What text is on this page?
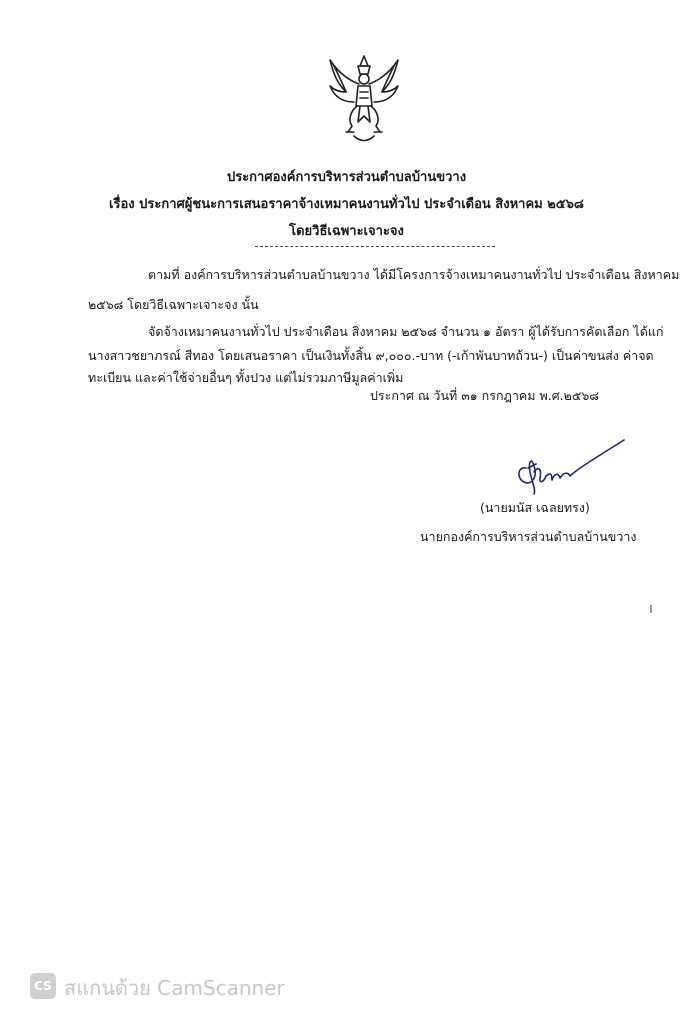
ประกาศองค์การบริหารส่วนตำบลบ้านขวาง
เรื่อง ประกาศผู้ชนะการเสนอราคาจ้างเหมาคนงานทั่วไป ประจำเดือน สิงหาคม ๒๕๖๘
โดยวิธีเฉพาะเจาะจง
ตามที่ องค์การบริหารส่วนตำบลบ้านขวาง ได้มีโครงการจ้างเหมาคนงานทั่วไป ประจำเดือน สิงหาคม
๒๕๖๘ โดยวิธีเฉพาะเจาะจง นั้น
จัดจ้างเหมาคนงานทั่วไป ประจำเดือน สิงหาคม ๒๕๖๘ จำนวน ๑ อัตรา ผู้ได้รับการคัดเลือก ได้แก่
นางสาวชยาภรณ์ สีทอง โดยเสนอราคา เป็นเงินทั้งสิ้น ๙,๐๐๐.-บาท (-เก้าพันบาทถ้วน-) เป็นค่าขนส่ง ค่าจด
ทะเบียน และค่าใช้จ่ายอื่นๆ ทั้งปวง แต่ไม่รวมภาษีมูลค่าเพิ่ม
ประกาศ ณ วันที่ ๓๑ กรกฎาคม พ.ศ.๒๕๖๘
(นายมนัส เฉลยทรง)
นายกองค์การบริหารส่วนตำบลบ้านขวาง
CS สแกนด้วย CamScanner
